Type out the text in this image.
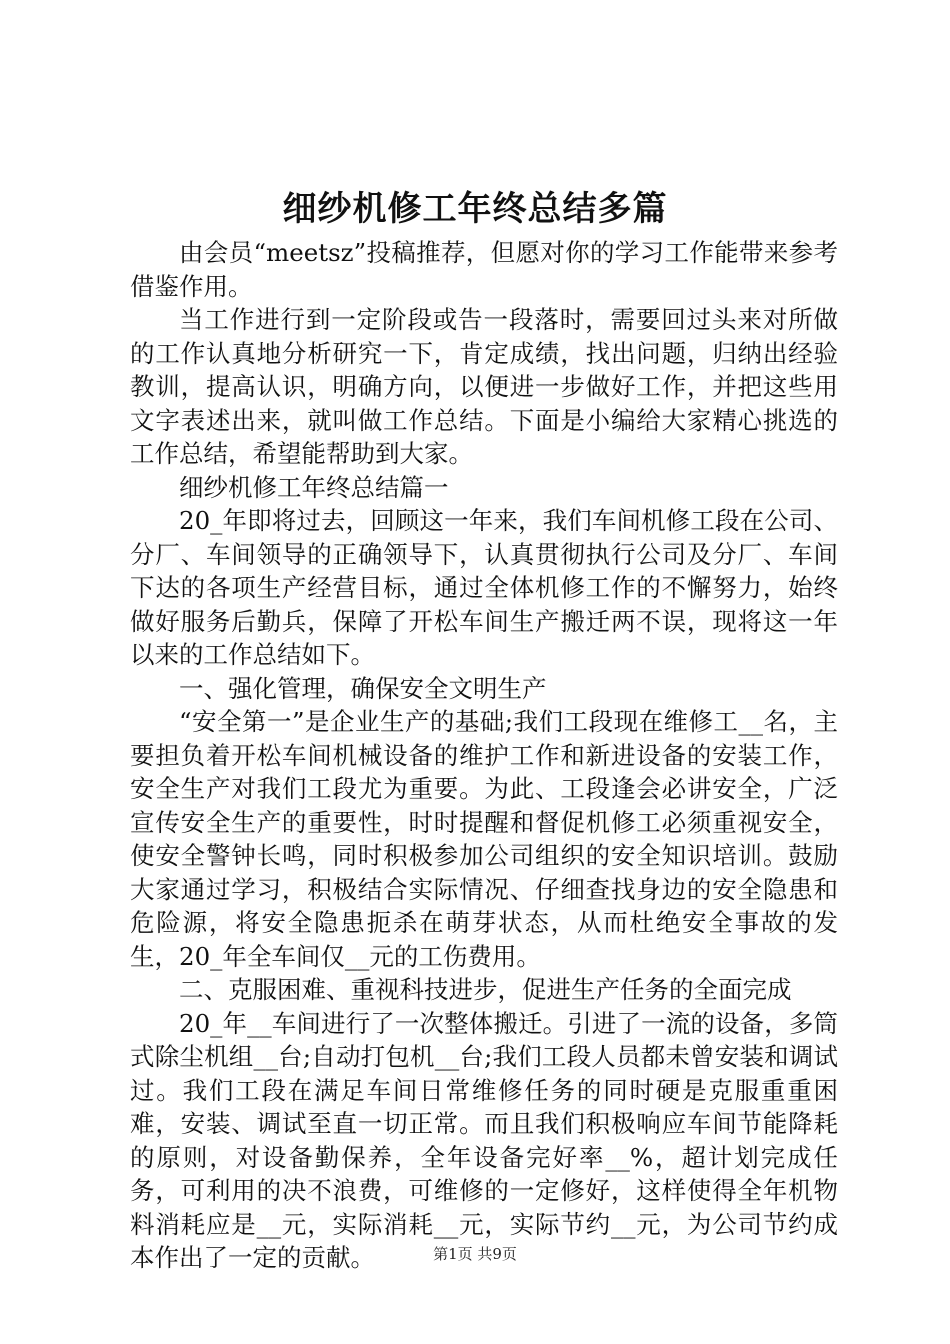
细纱机修工年终总结多篇

由会员“meetsz”投稿推荐，但愿对你的学习工作能带来参考借鉴作用。

当工作进行到一定阶段或告一段落时，需要回过头来对所做的工作认真地分析研究一下，肯定成绩，找出问题，归纳出经验教训，提高认识，明确方向，以便进一步做好工作，并把这些用文字表述出来，就叫做工作总结。下面是小编给大家精心挑选的工作总结，希望能帮助到大家。

细纱机修工年终总结篇一

20_年即将过去，回顾这一年来，我们车间机修工段在公司、分厂、车间领导的正确领导下，认真贯彻执行公司及分厂、车间下达的各项生产经营目标，通过全体机修工作的不懈努力，始终做好服务后勤兵，保障了开松车间生产搬迁两不误，现将这一年以来的工作总结如下。

一、强化管理，确保安全文明生产

“安全第一”是企业生产的基础;我们工段现在维修工__名，主要担负着开松车间机械设备的维护工作和新进设备的安装工作，安全生产对我们工段尤为重要。为此、工段逢会必讲安全，广泛宣传安全生产的重要性，时时提醒和督促机修工必须重视安全，使安全警钟长鸣，同时积极参加公司组织的安全知识培训。鼓励大家通过学习，积极结合实际情况、仔细查找身边的安全隐患和危险源，将安全隐患扼杀在萌芽状态，从而杜绝安全事故的发生，20_年全车间仅__元的工伤费用。

二、克服困难、重视科技进步，促进生产任务的全面完成

20_年__车间进行了一次整体搬迁。引进了一流的设备，多筒式除尘机组__台;自动打包机__台;我们工段人员都未曾安装和调试过。我们工段在满足车间日常维修任务的同时硬是克服重重困难，安装、调试至直一切正常。而且我们积极响应车间节能降耗的原则，对设备勤保养，全年设备完好率__%，超计划完成任务，可利用的决不浪费，可维修的一定修好，这样使得全年机物料消耗应是__元，实际消耗__元，实际节约__元，为公司节约成本作出了一定的贡献。	第1页 共9页
